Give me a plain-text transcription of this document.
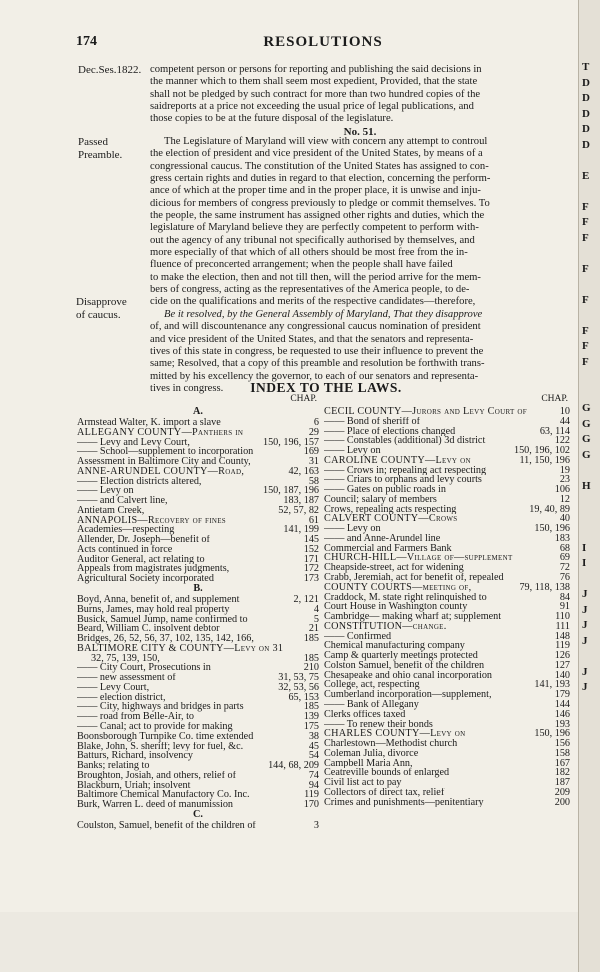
174	RESOLUTIONS
Dec.Ses.1822. competent person or persons for reporting and publishing the said decisions in
the manner which to them shall seem most expedient, Provided, that the state
shall not be pledged by such contract for more than two hundred copies of the
saidreports at a price not exceeding the usual price of legal publications, and
those copies to be at the future disposal of the legislature.
No. 51.
Passed
Preamble.
The Legislature of Maryland will view with concern any attempt to controul
the election of president and vice president of the United States, by means of a
congressional caucus. The constitution of the United States has assigned to con-
gress certain rights and duties in regard to that election, concerning the perform-
ance of which at the proper time and in the proper place, it is unwise and inju-
dicious for members of congress previously to pledge or commit themselves. To
the people, the same instrument has assigned other rights and duties, which the
legislature of Maryland believe they are perfectly competent to perform with-
out the agency of any tribunal not specifically authorised by themselves, and
more especially of that which of all others should be most free from the in-
fluence of preconcerted arrangement; when the people shall have failed
to make the election, then and not till then, will the period arrive for the mem-
bers of congress, acting as the representatives of the America people, to de-
cide on the qualifications and merits of the respective candidates—therefore,
Be it resolved, by the General Assembly of Maryland, That they disapprove
of, and will discountenance any congressional caucus nomination of president
and vice president of the United States, and that the senators and representa-
tives of this state in congress, be requested to use their influence to prevent the
same; Resolved, that a copy of this preamble and resolution be forthwith trans-
mitted by his excellency the governor, to each of our senators and representa-
tives in congress.
Disapprove
of caucus.
INDEX TO THE LAWS.
CHAP.
A.
Armstead Walter, K. import a slave	6
ALLEGANY COUNTY—Panthers in	29
—— Levy and Levy Court,	150, 196, 157
—— School—supplement to incorporation	169
Assessment in Baltimore City and County,	31
ANNE-ARUNDEL COUNTY—Road,	42, 163
—— Election districts altered,	58
—— Levy on	150, 187, 196
—— and Calvert line,	183, 187
Antietam Creek,	52, 57, 82
ANNAPOLIS—Recovery of fines	61
Academies—respecting	141, 199
Allender, Dr. Joseph—benefit of	145
Acts continued in force	152
Auditor General, act relating to	171
Appeals from magistrates judgments,	172
Agricultural Society incorporated	173
B.
Boyd, Anna, benefit of, and supplement	2, 121
Burns, James, may hold real property	4
Busick, Samuel Jump, name confirmed to	5
Beard, William C. insolvent debtor	21
Bridges, 26, 52, 56, 37, 102, 135, 142, 166,	185
BALTIMORE CITY & COUNTY—Levy on 31
32, 75, 139, 150,	185
—— City Court, Prosecutions in	210
—— new assessment of	31, 53, 75
—— Levy Court,	32, 53, 56
—— election district,	65, 153
—— City, highways and bridges in parts	185
—— road from Belle-Air, to	139
—— Canal; act to provide for making	175
Boonsborough Turnpike Co. time extended	38
Blake, John, S. sheriff; levy for fuel, &c.	45
Batturs, Richard, insolvency	54
Banks; relating to	144, 68, 209
Broughton, Josiah, and others, relief of	74
Blackburn, Uriah; insolvent	94
Baltimore Chemical Manufactory Co. Inc.	119
Burk, Warren L. deed of manumission	170
C.
Coulston, Samuel, benefit of the children of	3
CHAP.
CECIL COUNTY—Jurors and Levy Court of	10
—— Bond of sheriff of	44
—— Place of elections changed	63, 114
—— Constables (additional) 3d district	122
—— Levy on	150, 196, 102
CAROLINE COUNTY—Levy on	11, 150, 196
—— Crows in; repealing act respecting	19
—— Criars to orphans and levy courts	23
—— Gates on public roads in	106
Council; salary of members	12
Crows, repealing acts respecting	19, 40, 89
CALVERT COUNTY—Crows	40
—— Levy on	150, 196
—— and Anne-Arundel line	183
Commercial and Farmers Bank	68
CHURCH-HILL—Village of—supplement	69
Cheapside-street, act for widening	72
Crabb, Jeremiah, act for benefit of, repealed	76
COUNTY COURTS—meeting of,	79, 118, 138
Craddock, M. state right relinquished to	84
Court House in Washington county	91
Cambridge— making wharf at; supplement	110
CONSTITUTION—change.	111
—— Confirmed	148
Chemical manufacturing company	119
Camp & quarterly meetings protected	126
Colston Samuel, benefit of the children	127
Chesapeake and ohio canal incorporation	140
College, act, respecting	141, 193
Cumberland incorporation—supplement,	179
—— Bank of Allegany	144
Clerks offices taxed	146
—— To renew their bonds	193
CHARLES COUNTY—Levy on	150, 196
Charlestown—Methodist church	156
Coleman Julia, divorce	158
Campbell Maria Ann,	167
Ceatreville bounds of enlarged	182
Civil list act to pay	187
Collectors of direct tax, relief	209
Crimes and punishments—penitentiary	200
T
D
D
D
D
D
E
F
F
F
F
F
F
F
F
G
G
G
G
H
I
I
J
J
J
J
J
J
